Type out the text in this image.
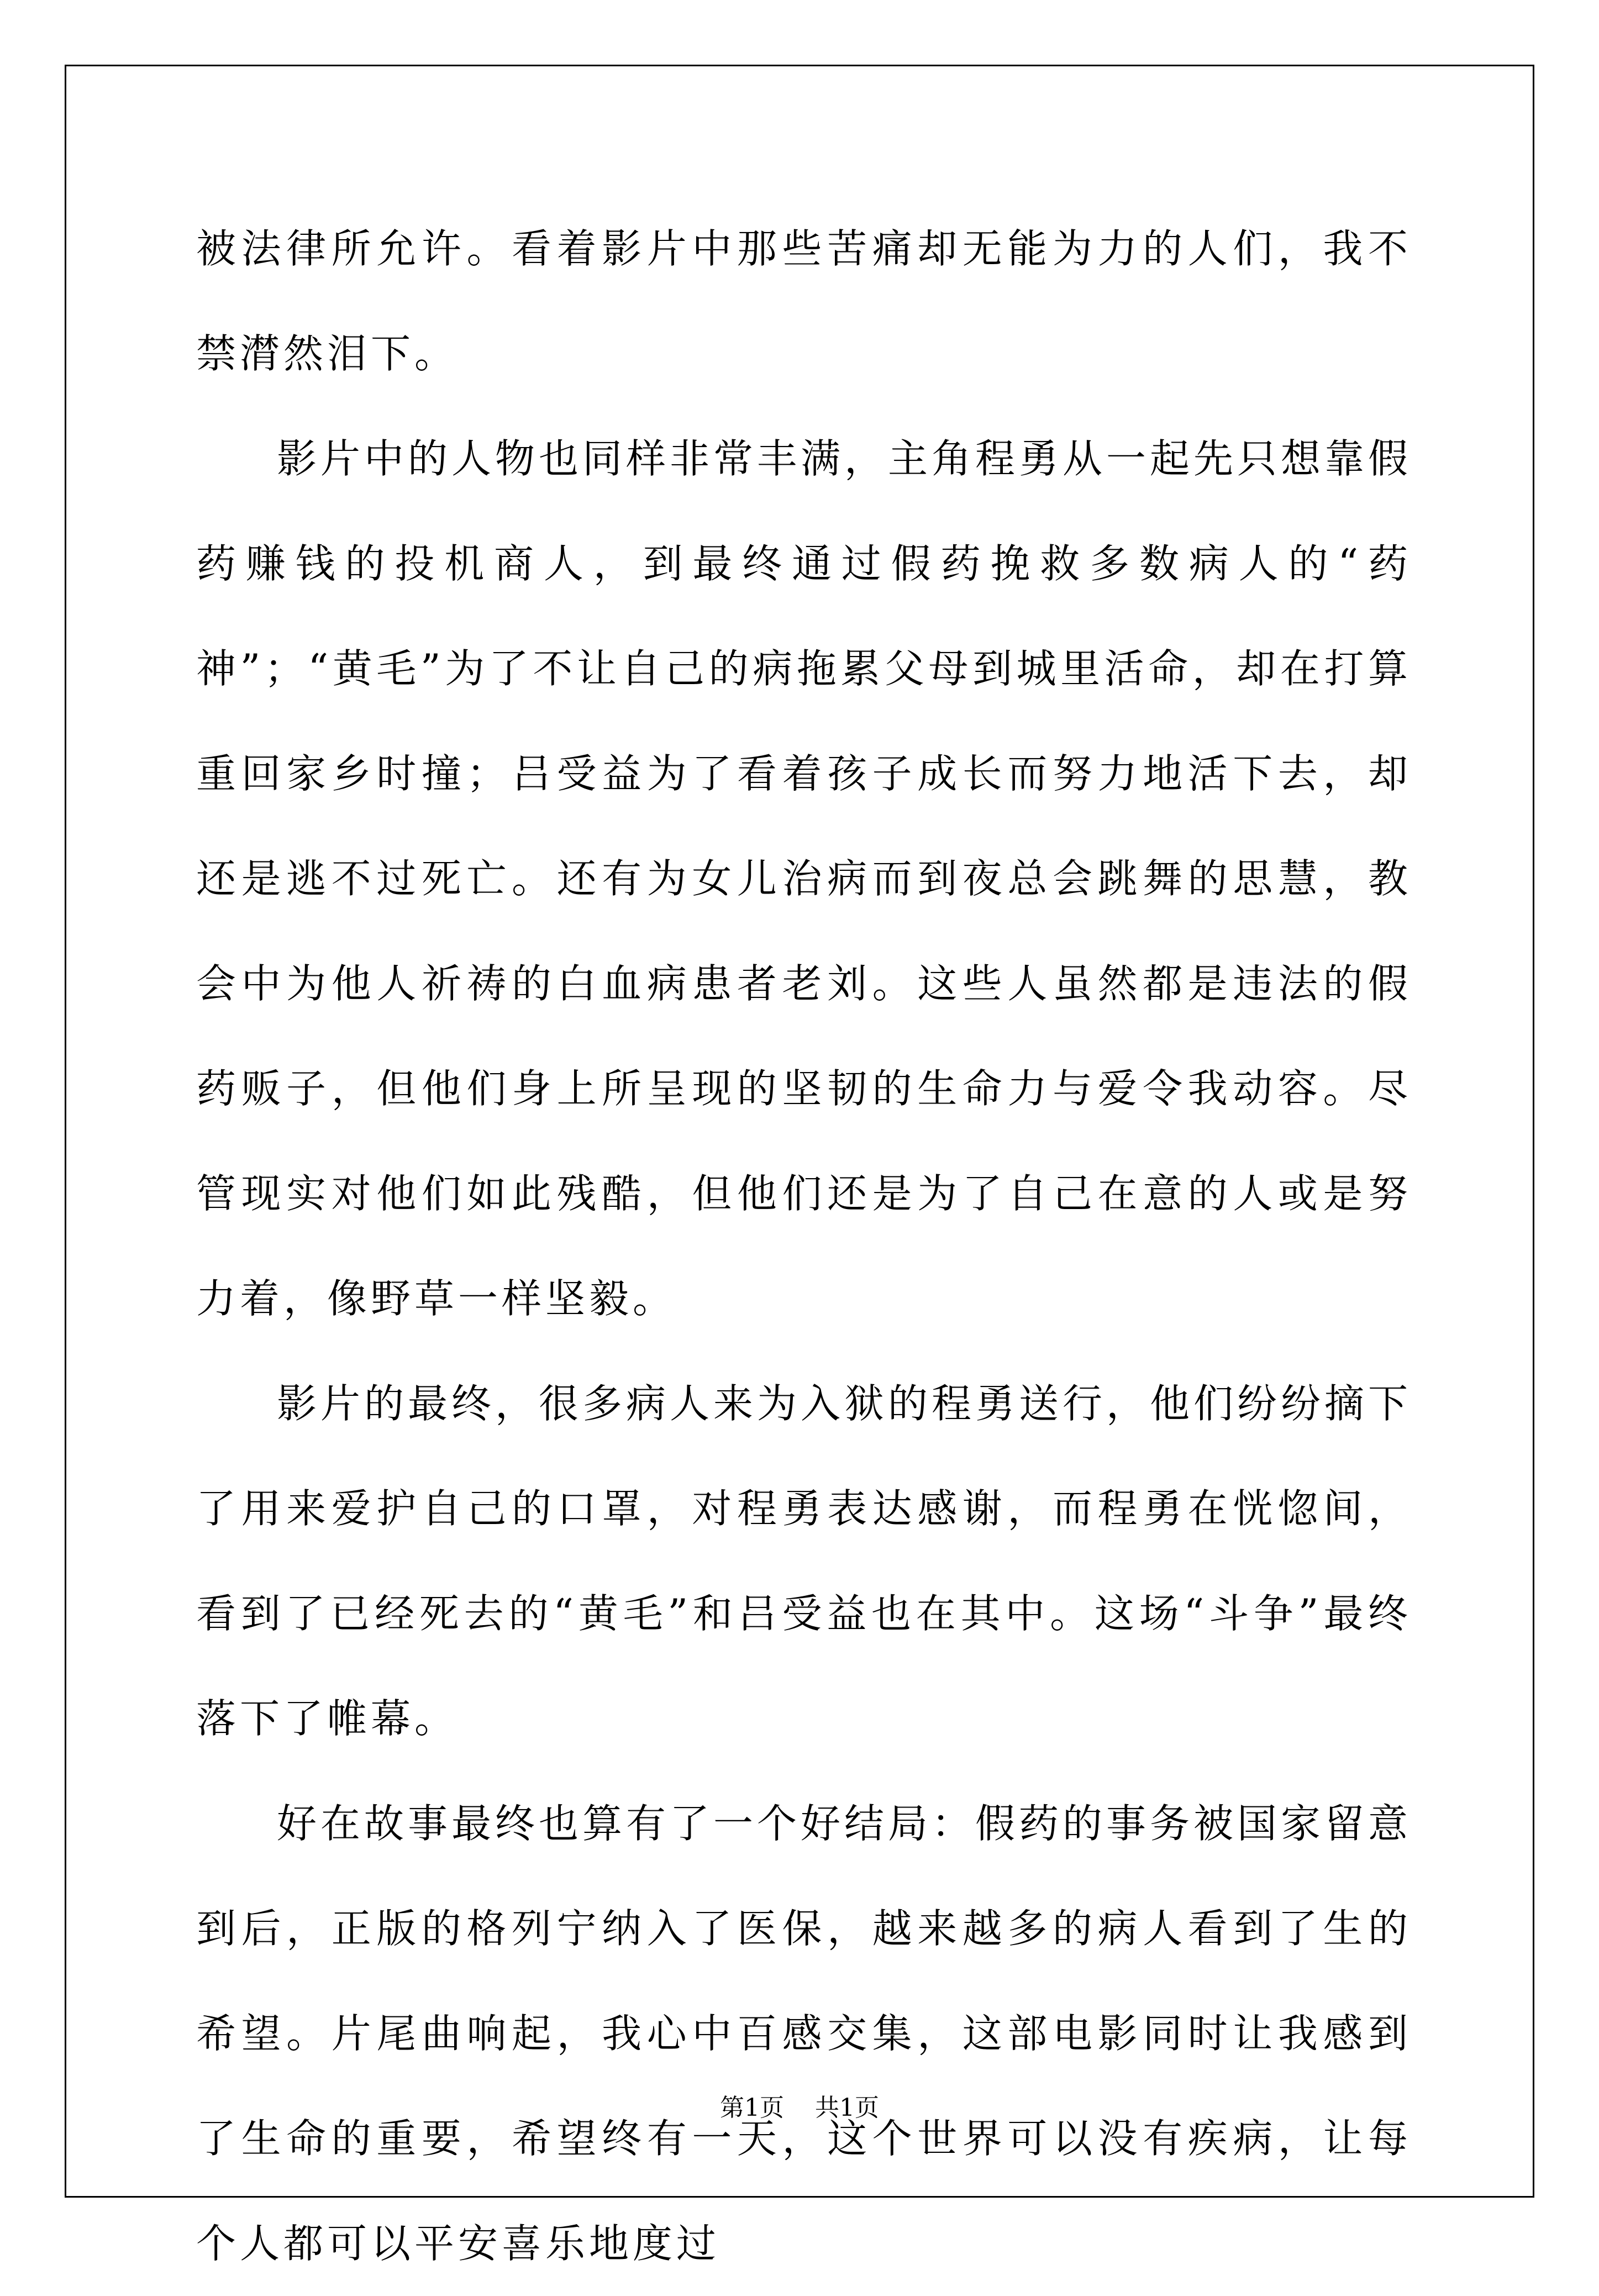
被法律所允许。看着影片中那些苦痛却无能为力的人们，我不禁潸然泪下。

影片中的人物也同样非常丰满，主角程勇从一起先只想靠假药赚钱的投机商人，到最终通过假药挽救多数病人的“药神”；“黄毛”为了不让自己的病拖累父母到城里活命，却在打算重回家乡时撞；吕受益为了看着孩子成长而努力地活下去，却还是逃不过死亡。还有为女儿治病而到夜总会跳舞的思慧，教会中为他人祈祷的白血病患者老刘。这些人虽然都是违法的假药贩子，但他们身上所呈现的坚韧的生命力与爱令我动容。尽管现实对他们如此残酷，但他们还是为了自己在意的人或是努力着，像野草一样坚毅。

影片的最终，很多病人来为入狱的程勇送行，他们纷纷摘下了用来爱护自己的口罩，对程勇表达感谢，而程勇在恍惚间，看到了已经死去的“黄毛”和吕受益也在其中。这场“斗争”最终落下了帷幕。

好在故事最终也算有了一个好结局：假药的事务被国家留意到后，正版的格列宁纳入了医保，越来越多的病人看到了生的希望。片尾曲响起，我心中百感交集，这部电影同时让我感到了生命的重要，希望终有一天，这个世界可以没有疾病，让每个人都可以平安喜乐地度过

第1页    共1页
